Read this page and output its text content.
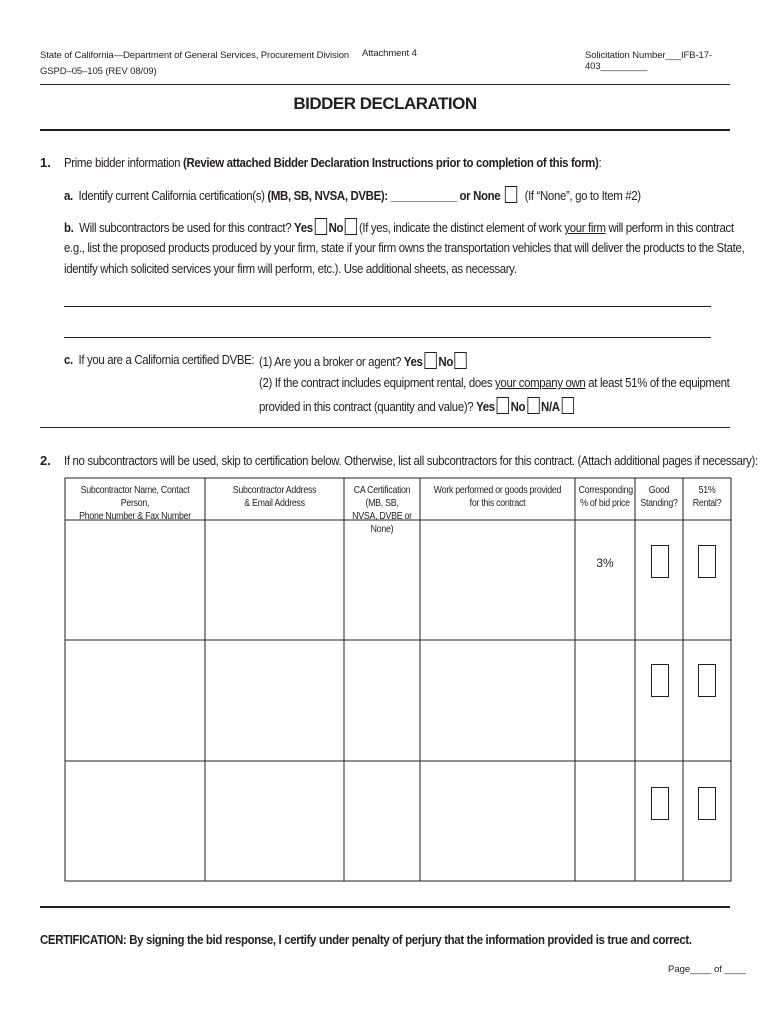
State of California—Department of General Services, Procurement Division
GSPD–05–105 (REV 08/09)
Attachment 4	Solicitation Number___IFB-17-403_________
BIDDER DECLARATION
1. Prime bidder information (Review attached Bidder Declaration Instructions prior to completion of this form):
a. Identify current California certification(s) (MB, SB, NVSA, DVBE): ___________ or None (If “None”, go to Item #2)
b. Will subcontractors be used for this contract? Yes No (If yes, indicate the distinct element of work your firm will perform in this contract
e.g., list the proposed products produced by your firm, state if your firm owns the transportation vehicles that will deliver the products to the State,
identify which solicited services your firm will perform, etc.). Use additional sheets, as necessary.
c. If you are a California certified DVBE: (1) Are you a broker or agent? Yes No
(2) If the contract includes equipment rental, does your company own at least 51% of the equipment
provided in this contract (quantity and value)? Yes No N/A
2. If no subcontractors will be used, skip to certification below. Otherwise, list all subcontractors for this contract. (Attach additional pages if necessary):
Subcontractor Name, Contact Person,
Phone Number & Fax Number
Subcontractor Address
& Email Address
CA Certification (MB, SB,
NVSA, DVBE or None)
Work performed or goods provided
for this contract
Corresponding
% of bid price
Good
Standing?
51%
Rental?
3%
CERTIFICATION: By signing the bid response, I certify under penalty of perjury that the information provided is true and correct.
Page____ of ____
